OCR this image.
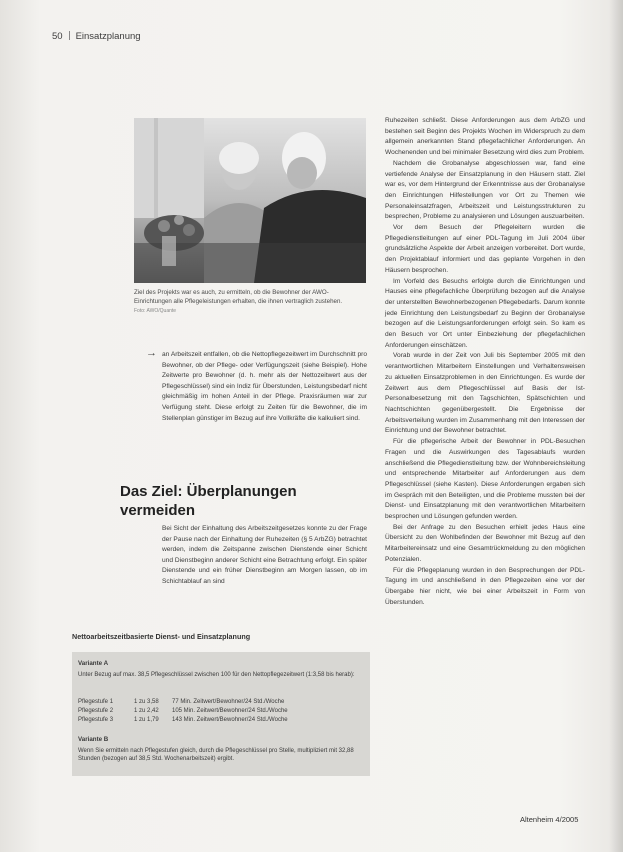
50 Einsatzplanung
Ziel des Projekts war es auch, zu ermitteln, ob die Bewohner der AWO-Einrichtungen alle Pflegeleistungen erhalten, die ihnen vertraglich zustehen.
Foto: AWO/Quante
→ an Arbeitszeit entfallen, ob die Nettopflegezeitwert im Durchschnitt pro Bewohner, ob der Pflege- oder Verfügungszeit (siehe Beispiel). Hohe Zeitwerte pro Bewohner (d. h. mehr als der Nettozeitwert aus der Pflegeschlüssel) sind ein Indiz für Überstunden, Leistungsbedarf nicht gleichmäßig im hohen Anteil in der Pflege. Praxisräumen war zur Verfügung steht. Diese erfolgt zu Zeiten für die Bewohner, die im Stellenplan günstiger im Bezug auf ihre Vollkräfte die kalkuliert sind.
Das Ziel: Überplanungen vermeiden
Bei Sicht der Einhaltung des Arbeitszeitgesetzes konnte zu der Frage der Pause nach der Einhaltung der Ruhezeiten (§ 5 ArbZG) betrachtet werden, indem die Zeitspanne zwischen Dienstende einer Schicht und Dienstbeginn anderer Schicht eine Betrachtung erfolgt. Ein später Dienstende und ein früher Dienstbeginn am Morgen lassen, ob im Schichtablauf an sind
Nettoarbeitszeitbasierte Dienst- und Einsatzplanung
Variante A
Unter Bezug auf max. 38,5 Pflegeschlüssel zwischen 100 für den Nettopflegezeitwert (1:3,58 bis herab):
Pflegestufe 1	1 zu 3,58 77 Min. Zeitwert/Bewohner/24 Std./Woche
Pflegestufe 2	1 zu 2,42 105 Min. Zeitwert/Bewohner/24 Std./Woche
Pflegestufe 3	1 zu 1,79 143 Min. Zeitwert/Bewohner/24 Std./Woche
Variante B
Wenn Sie ermitteln nach Pflegestufen gleich, durch die Pflegeschlüssel pro Stelle, multipliziert mit 32,88 Stunden (bezogen auf 38,5 Std. Wochenarbeitszeit) ergibt.

Ruhezeiten schließt. Diese Anforderungen aus dem ArbZG und bestehen seit Beginn des Projekts Wochen im Widerspruch zu dem allgemein anerkannten Stand pflegefachlicher Anforderungen. An Wochenenden und bei minimaler Besetzung wird dies zum Problem.

Nachdem die Grobanalyse abgeschlossen war, fand eine vertiefende Analyse der Einsatzplanung in den Häusern statt. Ziel war es, vor dem Hintergrund der Erkenntnisse aus der Grobanalyse den Einrichtungen Hilfestellungen vor Ort zu Themen wie Personaleinsatzfragen, Arbeitszeit und Leistungsstrukturen zu besprechen, Probleme zu analysieren und Lösungen auszuarbeiten.

Vor dem Besuch der Pflegeleitern wurden die Pflegedienstleitungen auf einer PDL-Tagung im Juli 2004 über grundsätzliche Aspekte der Arbeit anzeigen vorbereitet. Dort wurde, den Projektablauf informiert und das geplante Vorgehen in den Häusern besprochen.

Im Vorfeld des Besuchs erfolgte durch die Einrichtungen und Hauses eine pflegefachliche Überprüfung bezogen auf die Analyse der unterstellten Bewohnerbezogenen Pflegebedarfs. Darum konnte jede Einrichtung den Leistungsbedarf zu Beginn der Grobanalyse bezogen auf die Leistungsanforderungen erfolgt sein. So kam es den Besuch vor Ort unter Einbeziehung der pflegefachlichen Anforderungen einschätzen.

Vorab wurde in der Zeit von Juli bis September 2005 mit den verantwortlichen Mitarbeitern Einstellungen und Verhaltensweisen zu aktuellen Einsatzproblemen in den Einrichtungen. Es wurde der Zeitwert aus dem Pflegeschlüssel auf Basis der Ist-Personalbesetzung mit den Tagschichten, Spätschichten und Nachtschichten gegenübergestellt. Die Ergebnisse der Arbeitsverteilung wurden im Zusammenhang mit den Interessen der Einrichtung und der Bewohner betrachtet.

Für die pflegerische Arbeit der Bewohner in PDL-Besuchen Fragen und die Auswirkungen des Tagesablaufs wurden anschließend die Pflegedienstleitung bzw. der Wohnbereichsleitung und entsprechende Mitarbeiter auf Anforderungen aus dem Pflegeschlüssel (siehe Kasten). Diese Anforderungen ergaben sich im Gespräch mit den Beteiligten, und die Probleme mussten bei der Dienst- und Einsatzplanung mit den verantwortlichen Mitarbeitern besprochen und Lösungen gefunden werden.

Bei der Anfrage zu den Besuchen erhielt jedes Haus eine Übersicht zu den Wohlbefinden der Bewohner mit Bezug auf den Mitarbeitereinsatz und eine Gesamtrückmeldung zu den möglichen Potenzialen.

Für die Pflegeplanung wurden in den Besprechungen der PDL-Tagung im und anschließend in den Pflegezeiten eine vor der Übergabe hier nicht, wie bei einer Arbeitszeit in Form von Überstunden.

Altenheim 4/2005
